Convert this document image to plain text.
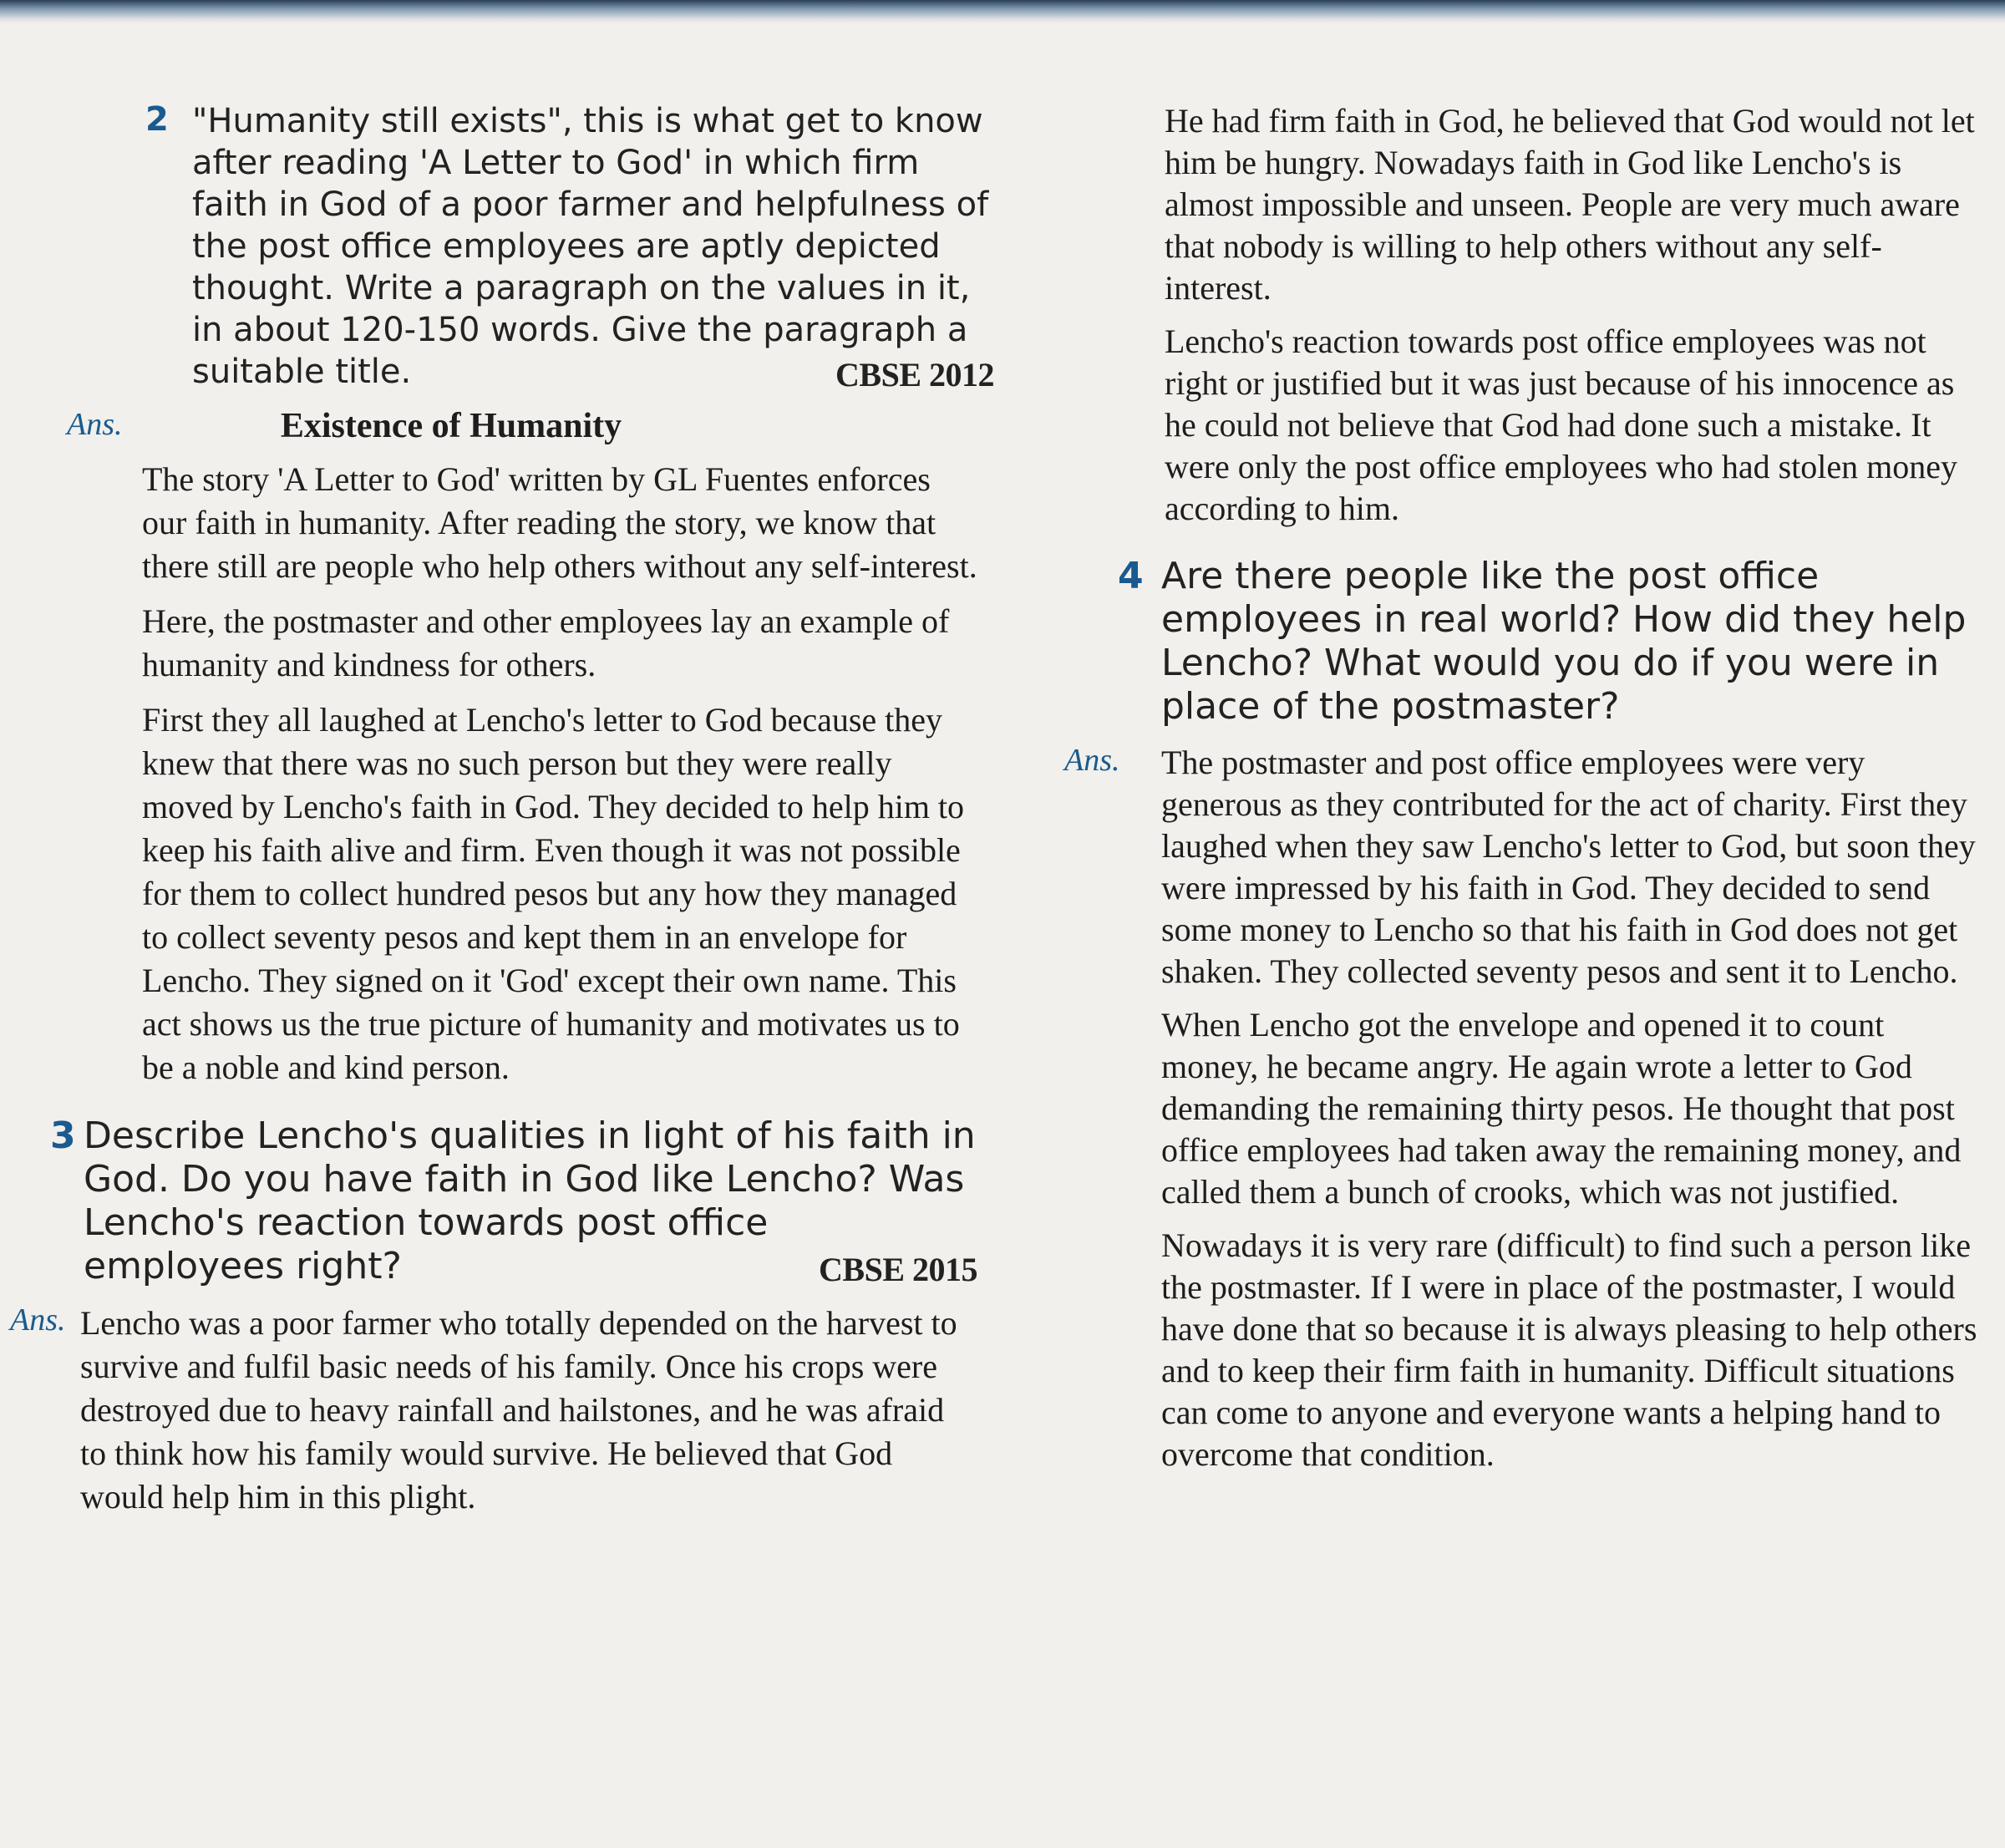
2 "Humanity still exists", this is what get to know after reading 'A Letter to God' in which firm faith in God of a poor farmer and helpfulness of the post office employees are aptly depicted thought. Write a paragraph on the values in it, in about 120-150 words. Give the paragraph a suitable title.	CBSE 2012
Ans.	Existence of Humanity

The story 'A Letter to God' written by GL Fuentes enforces our faith in humanity. After reading the story, we know that there still are people who help others without any self-interest.

Here, the postmaster and other employees lay an example of humanity and kindness for others.

First they all laughed at Lencho's letter to God because they knew that there was no such person but they were really moved by Lencho's faith in God. They decided to help him to keep his faith alive and firm. Even though it was not possible for them to collect hundred pesos but any how they managed to collect seventy pesos and kept them in an envelope for Lencho. They signed on it 'God' except their own name. This act shows us the true picture of humanity and motivates us to be a noble and kind person.

3 Describe Lencho's qualities in light of his faith in God. Do you have faith in God like Lencho? Was Lencho's reaction towards post office employees right?	CBSE 2015
Ans. Lencho was a poor farmer who totally depended on the harvest to survive and fulfil basic needs of his family. Once his crops were destroyed due to heavy rainfall and hailstones, and he was afraid to think how his family would survive. He believed that God would help him in this plight.

He had firm faith in God, he believed that God would not let him be hungry. Nowadays faith in God like Lencho's is almost impossible and unseen. People are very much aware that nobody is willing to help others without any self-interest.

Lencho's reaction towards post office employees was not right or justified but it was just because of his innocence as he could not believe that God had done such a mistake. It were only the post office employees who had stolen money according to him.

4 Are there people like the post office employees in real world? How did they help Lencho? What would you do if you were in place of the postmaster?
Ans. The postmaster and post office employees were very generous as they contributed for the act of charity. First they laughed when they saw Lencho's letter to God, but soon they were impressed by his faith in God. They decided to send some money to Lencho so that his faith in God does not get shaken. They collected seventy pesos and sent it to Lencho.

When Lencho got the envelope and opened it to count money, he became angry. He again wrote a letter to God demanding the remaining thirty pesos. He thought that post office employees had taken away the remaining money, and called them a bunch of crooks, which was not justified.

Nowadays it is very rare (difficult) to find such a person like the postmaster. If I were in place of the postmaster, I would have done that so because it is always pleasing to help others and to keep their firm faith in humanity. Difficult situations can come to anyone and everyone wants a helping hand to overcome that condition.
